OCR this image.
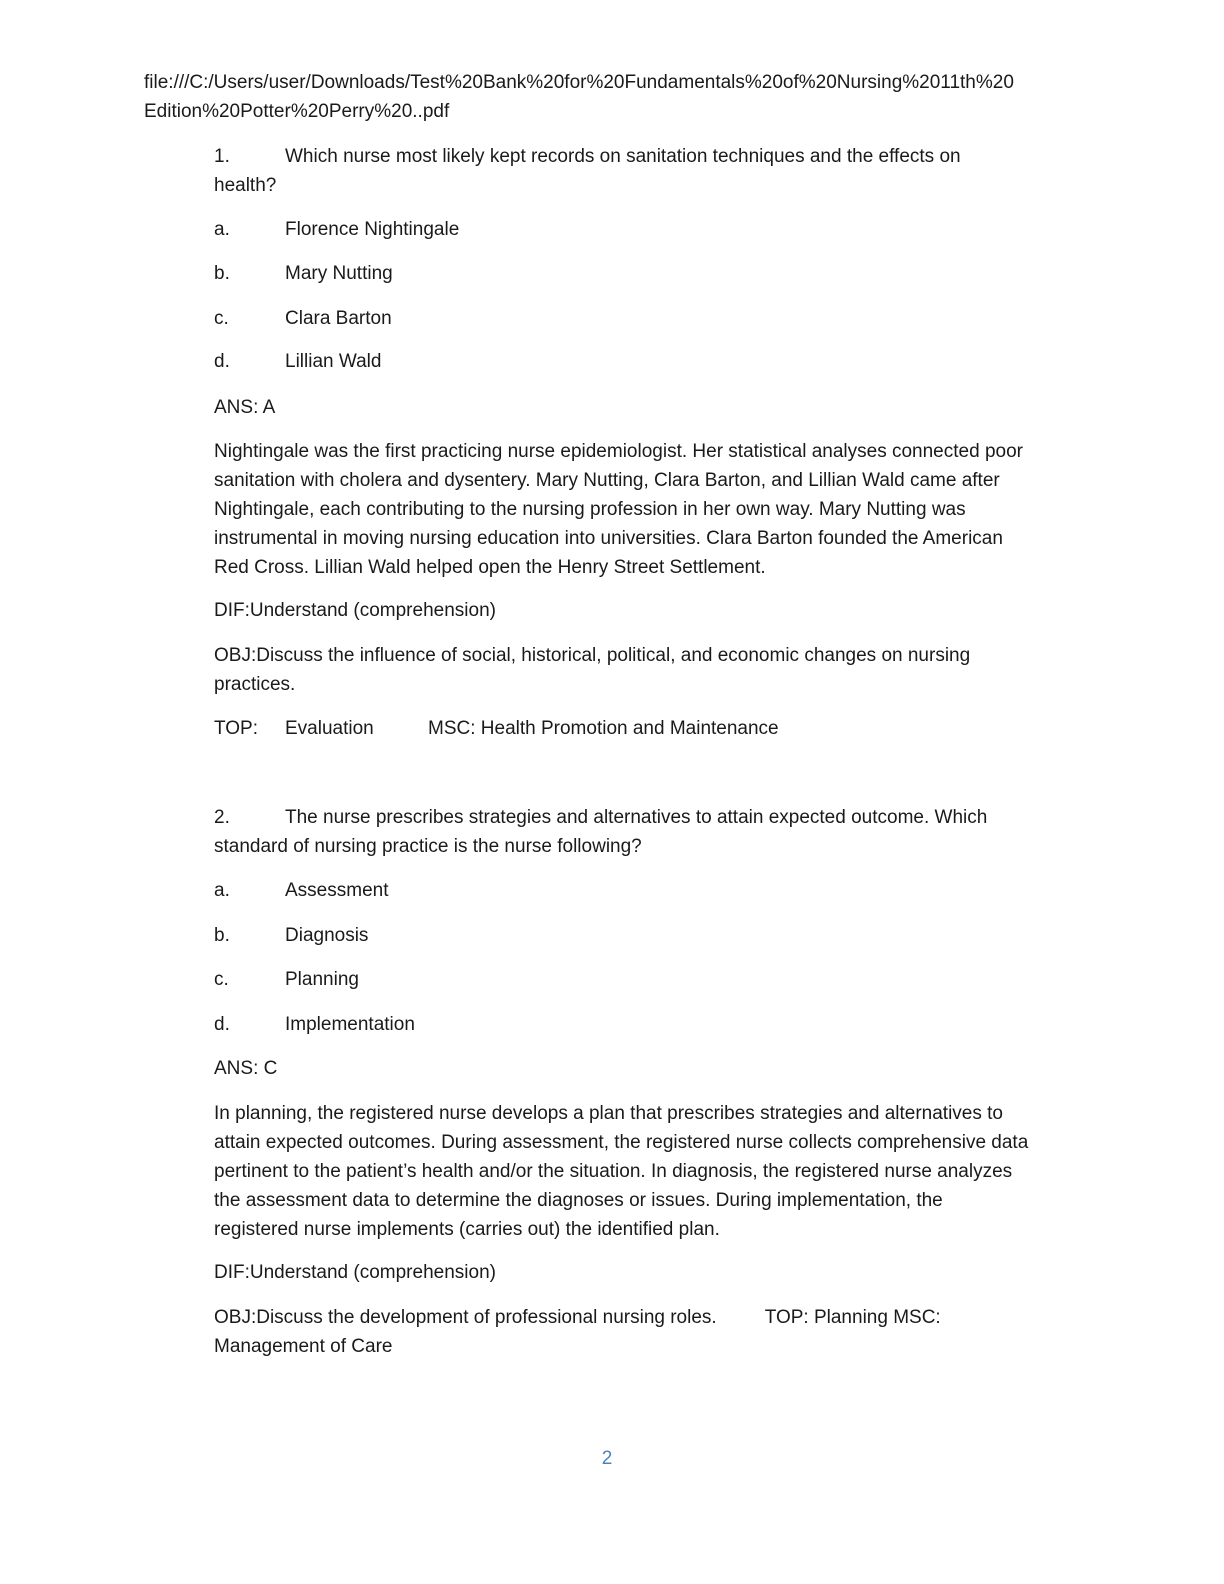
file:///C:/Users/user/Downloads/Test%20Bank%20for%20Fundamentals%20of%20Nursing%2011th%20
Edition%20Potter%20Perry%20..pdf
1.	Which nurse most likely kept records on sanitation techniques and the effects on
health?
a.	Florence Nightingale
b.	Mary Nutting
c.	Clara Barton
d.	Lillian Wald
ANS: A
Nightingale was the first practicing nurse epidemiologist. Her statistical analyses connected poor
sanitation with cholera and dysentery. Mary Nutting, Clara Barton, and Lillian Wald came after
Nightingale, each contributing to the nursing profession in her own way. Mary Nutting was
instrumental in moving nursing education into universities. Clara Barton founded the American
Red Cross. Lillian Wald helped open the Henry Street Settlement.
DIF:Understand (comprehension)
OBJ:Discuss the influence of social, historical, political, and economic changes on nursing
practices.
TOP: Evaluation	MSC: Health Promotion and Maintenance
2.	The nurse prescribes strategies and alternatives to attain expected outcome. Which
standard of nursing practice is the nurse following?
a.	Assessment
b.	Diagnosis
c.	Planning
d.	Implementation
ANS: C
In planning, the registered nurse develops a plan that prescribes strategies and alternatives to
attain expected outcomes. During assessment, the registered nurse collects comprehensive data
pertinent to the patient’s health and/or the situation. In diagnosis, the registered nurse analyzes
the assessment data to determine the diagnoses or issues. During implementation, the
registered nurse implements (carries out) the identified plan.
DIF:Understand (comprehension)
OBJ:Discuss the development of professional nursing roles.	TOP: Planning MSC:
Management of Care
2
